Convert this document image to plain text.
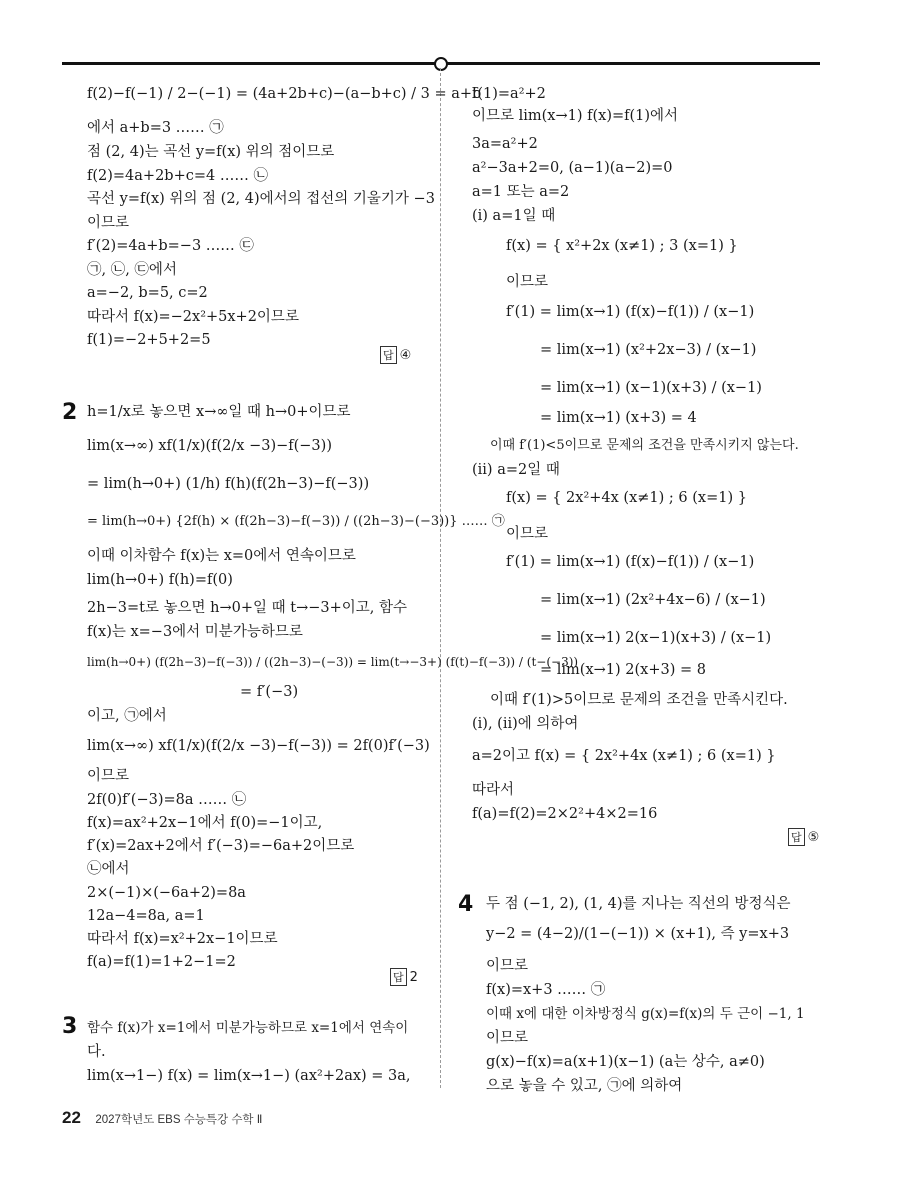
f(2)−f(−1) / 2−(−1) = (4a+2b+c)−(a−b+c) / 3 = a+b
에서 a+b=3 …… ㉠
점 (2, 4)는 곡선 y=f(x) 위의 점이므로
f(2)=4a+2b+c=4 …… ㉡
곡선 y=f(x) 위의 점 (2, 4)에서의 접선의 기울기가 −3
이므로
f′(2)=4a+b=−3 …… ㉢
㉠, ㉡, ㉢에서
a=−2, b=5, c=2
따라서 f(x)=−2x²+5x+2이므로
f(1)=−2+5+2=5
답 ④
h=1/x로 놓으면 x→∞일 때 h→0+이므로
lim(x→∞) xf(1/x)(f(2/x −3)−f(−3))
= lim(h→0+) (1/h) f(h)(f(2h−3)−f(−3))
= lim(h→0+) {2f(h) × (f(2h−3)−f(−3)) / ((2h−3)−(−3))} …… ㉠
이때 이차함수 f(x)는 x=0에서 연속이므로
lim(h→0+) f(h)=f(0)
2h−3=t로 놓으면 h→0+일 때 t→−3+이고, 함수
f(x)는 x=−3에서 미분가능하므로
lim(h→0+) (f(2h−3)−f(−3)) / ((2h−3)−(−3)) = lim(t→−3+) (f(t)−f(−3)) / (t−(−3))
= f′(−3)
이고, ㉠에서
lim(x→∞) xf(1/x)(f(2/x −3)−f(−3)) = 2f(0)f′(−3)
이므로
2f(0)f′(−3)=8a …… ㉡
f(x)=ax²+2x−1에서 f(0)=−1이고,
f′(x)=2ax+2에서 f′(−3)=−6a+2이므로
㉡에서
2×(−1)×(−6a+2)=8a
12a−4=8a, a=1
따라서 f(x)=x²+2x−1이므로
f(a)=f(1)=1+2−1=2
답 2
함수 f(x)가 x=1에서 미분가능하므로 x=1에서 연속이
다.
lim(x→1−) f(x) = lim(x→1−) (ax²+2ax) = 3a,
2
3
f(1)=a²+2
이므로 lim(x→1) f(x)=f(1)에서
3a=a²+2
a²−3a+2=0, (a−1)(a−2)=0
a=1 또는 a=2
(ⅰ) a=1일 때
f(x) = { x²+2x (x≠1) ; 3 (x=1) }
이므로
f′(1) = lim(x→1) (f(x)−f(1)) / (x−1)
= lim(x→1) (x²+2x−3) / (x−1)
= lim(x→1) (x−1)(x+3) / (x−1)
= lim(x→1) (x+3) = 4
이때 f′(1)<5이므로 문제의 조건을 만족시키지 않는다.
(ⅱ) a=2일 때
f(x) = { 2x²+4x (x≠1) ; 6 (x=1) }
이므로
f′(1) = lim(x→1) (f(x)−f(1)) / (x−1)
= lim(x→1) (2x²+4x−6) / (x−1)
= lim(x→1) 2(x−1)(x+3) / (x−1)
= lim(x→1) 2(x+3) = 8
이때 f′(1)>5이므로 문제의 조건을 만족시킨다.
(ⅰ), (ⅱ)에 의하여
a=2이고 f(x) = { 2x²+4x (x≠1) ; 6 (x=1) }
따라서
f(a)=f(2)=2×2²+4×2=16
답 ⑤
두 점 (−1, 2), (1, 4)를 지나는 직선의 방정식은
y−2 = (4−2)/(1−(−1)) × (x+1), 즉 y=x+3
이므로
f(x)=x+3 …… ㉠
이때 x에 대한 이차방정식 g(x)=f(x)의 두 근이 −1, 1
이므로
g(x)−f(x)=a(x+1)(x−1) (a는 상수, a≠0)
으로 놓을 수 있고, ㉠에 의하여
4
22 2027학년도 EBS 수능특강 수학 Ⅱ
